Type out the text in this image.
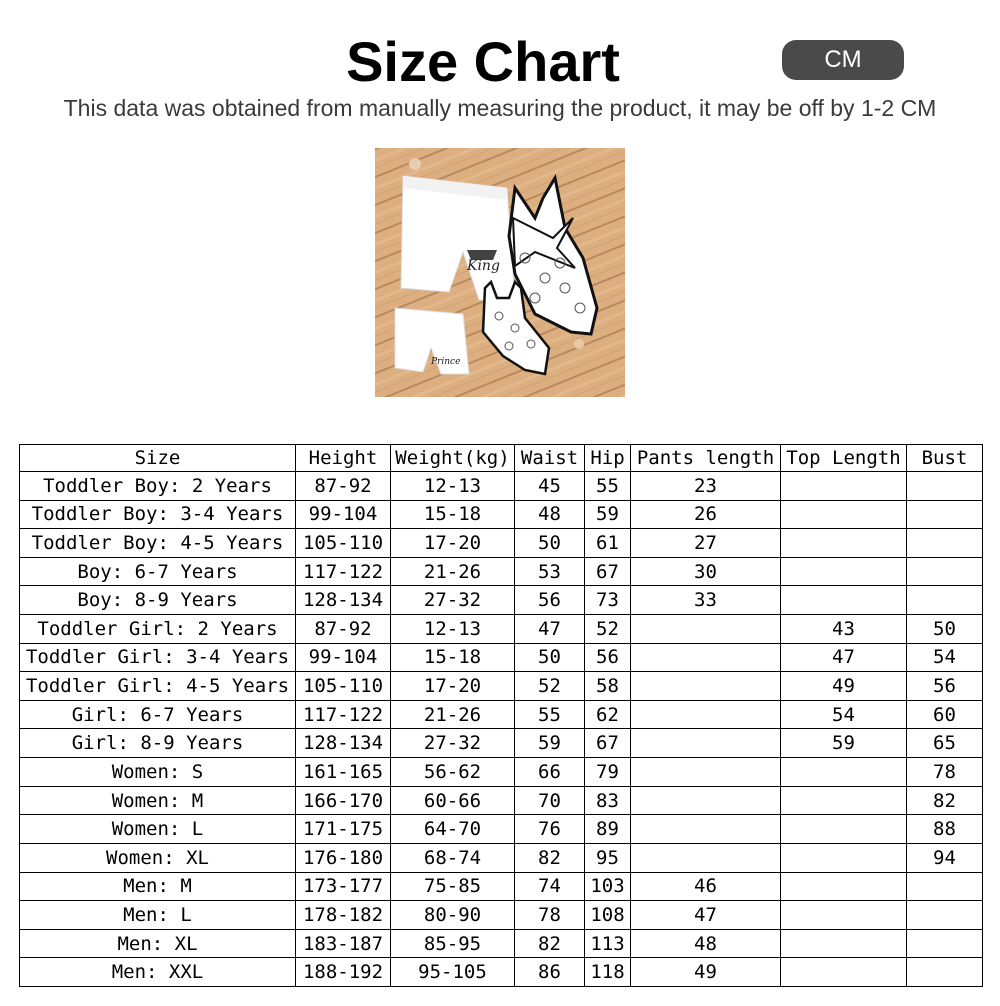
Size Chart	CM
This data was obtained from manually measuring the product, it may be off by 1-2 CM
King
Prince
Size	Height	Weight(kg)	Waist	Hip	Pants length	Top Length	Bust
Toddler Boy: 2 Years	87-92	12-13	45	55	23		
Toddler Boy: 3-4 Years	99-104	15-18	48	59	26		
Toddler Boy: 4-5 Years	105-110	17-20	50	61	27		
Boy: 6-7 Years	117-122	21-26	53	67	30		
Boy: 8-9 Years	128-134	27-32	56	73	33		
Toddler Girl: 2 Years	87-92	12-13	47	52		43	50
Toddler Girl: 3-4 Years	99-104	15-18	50	56		47	54
Toddler Girl: 4-5 Years	105-110	17-20	52	58		49	56
Girl: 6-7 Years	117-122	21-26	55	62		54	60
Girl: 8-9 Years	128-134	27-32	59	67		59	65
Women: S	161-165	56-62	66	79			78
Women: M	166-170	60-66	70	83			82
Women: L	171-175	64-70	76	89			88
Women: XL	176-180	68-74	82	95			94
Men: M	173-177	75-85	74	103	46		
Men: L	178-182	80-90	78	108	47		
Men: XL	183-187	85-95	82	113	48		
Men: XXL	188-192	95-105	86	118	49		
